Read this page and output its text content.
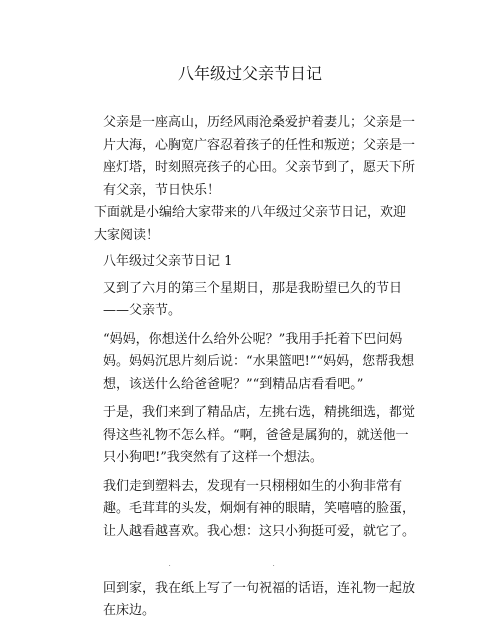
八年级过父亲节日记

父亲是一座高山，历经风雨沧桑爱护着妻儿；父亲是一片大海，心胸宽广容忍着孩子的任性和叛逆；父亲是一座灯塔，时刻照亮孩子的心田。父亲节到了，愿天下所有父亲，节日快乐！

下面就是小编给大家带来的八年级过父亲节日记，欢迎大家阅读！

八年级过父亲节日记 1

又到了六月的第三个星期日，那是我盼望已久的节日 ——父亲节。

“妈妈，你想送什么给外公呢？”我用手托着下巴问妈妈。妈妈沉思片刻后说：“水果篮吧!”“妈妈，您帮我想想，该送什么给爸爸呢？”“到精品店看看吧。”

于是，我们来到了精品店，左挑右选，精挑细选，都觉得这些礼物不怎么样。“啊，爸爸是属狗的，就送他一只小狗吧!”我突然有了这样一个想法。

我们走到塑料去，发现有一只栩栩如生的小狗非常有趣。毛茸茸的头发，炯炯有神的眼睛，笑嘻嘻的脸蛋，让人越看越喜欢。我心想：这只小狗挺可爱，就它了。

回到家，我在纸上写了一句祝福的话语，连礼物一起放在床边。
